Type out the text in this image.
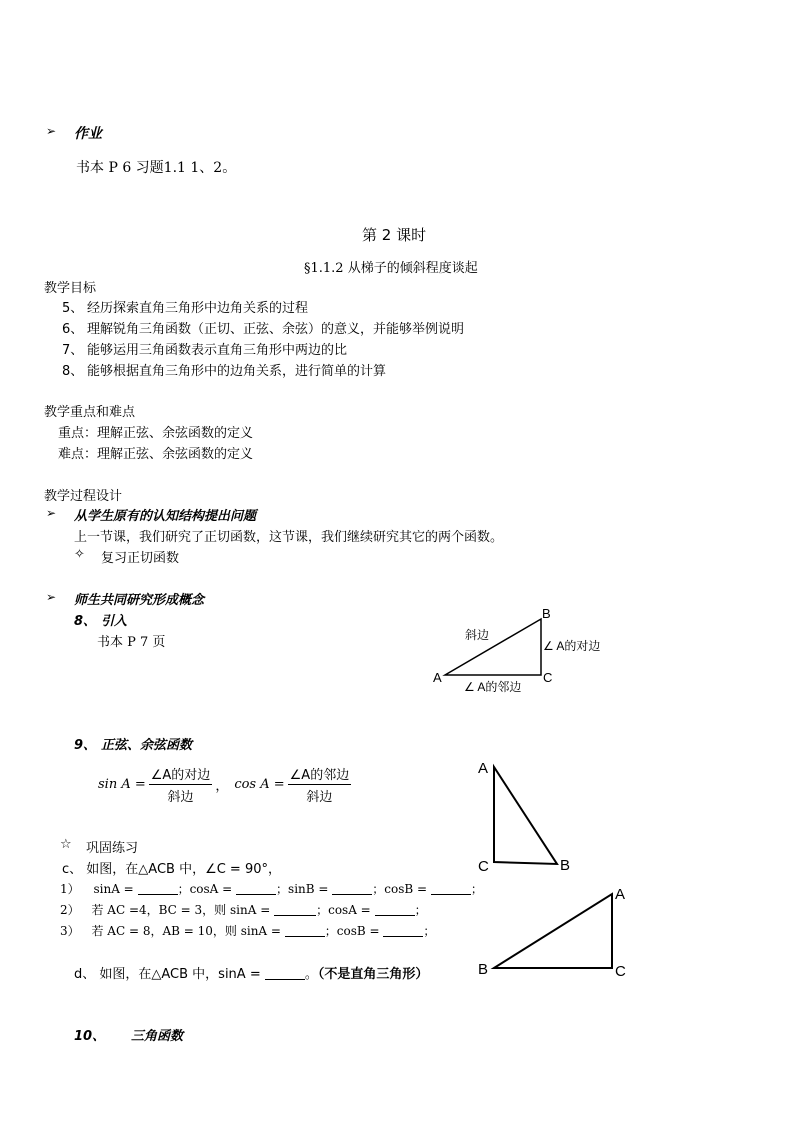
➢ 作业
书本 P 6 习题1.1 1、2。
第 2 课时
§1.1.2 从梯子的倾斜程度谈起
教学目标
5、 经历探索直角三角形中边角关系的过程
6、 理解锐角三角函数（正切、正弦、余弦）的意义，并能够举例说明
7、 能够运用三角函数表示直角三角形中两边的比
8、 能够根据直角三角形中的边角关系，进行简单的计算
教学重点和难点
重点：理解正弦、余弦函数的定义
难点：理解正弦、余弦函数的定义
教学过程设计
➢ 从学生原有的认知结构提出问题
上一节课，我们研究了正切函数，这节课，我们继续研究其它的两个函数。
✧ 复习正切函数
➢ 师生共同研究形成概念
8、 引入
书本 P 7 页
A
B
C
斜边
∠ A的对边
∠ A的邻边
9、 正弦、余弦函数
$\sin A = \frac{\text{∠A的对边}}{\text{斜边}}$ ， $\cos A = \frac{\text{∠A的邻边}}{\text{斜边}}$	A
C	B
☆ 巩固练习
c、 如图，在△ACB 中，∠C = 90°，
1） sinA =	；cosA =	；sinB =	；cosB =	；
2） 若 AC =4，BC = 3，则 sinA =	；cosA =	；
3） 若 AC = 8，AB = 10，则 sinA =	；cosB =	；
A
B	C
d、 如图，在△ACB 中，sinA =	。（不是直角三角形）
10、 三角函数
